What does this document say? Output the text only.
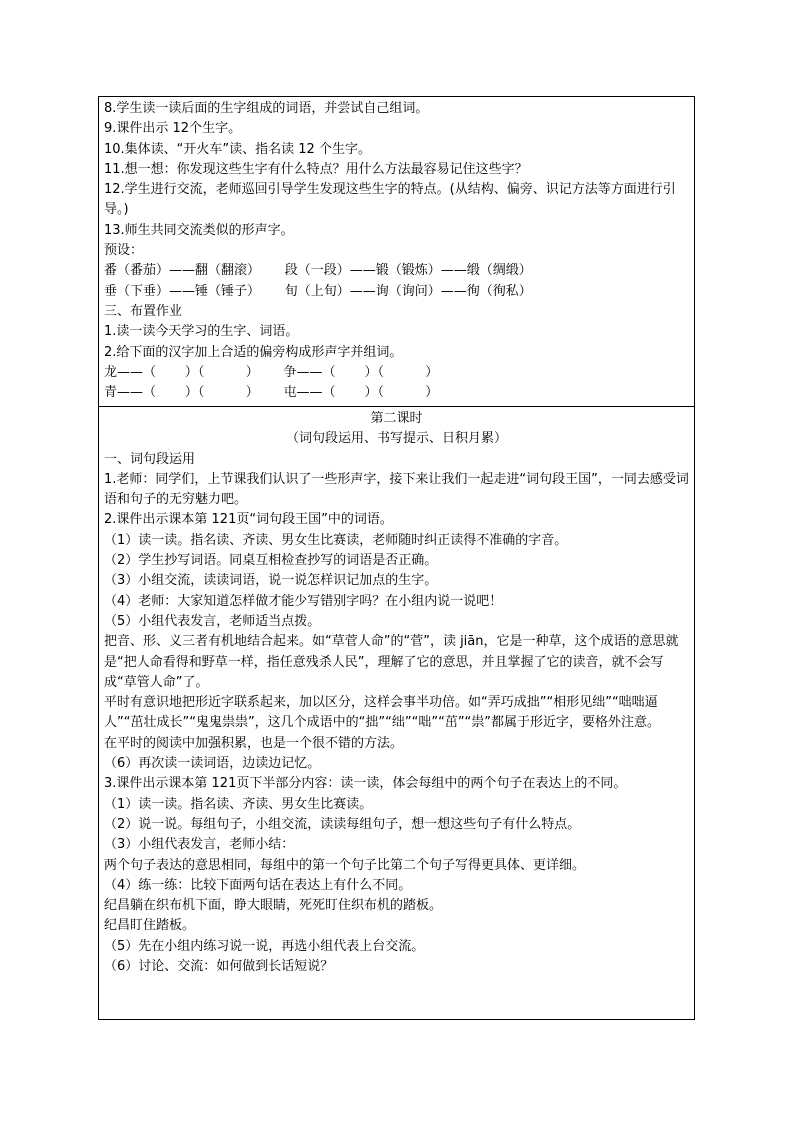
8.学生读一读后面的生字组成的词语，并尝试自己组词。
9.课件出示 12个生字。
10.集体读、“开火车”读、指名读 12 个生字。
11.想一想：你发现这些生字有什么特点？用什么方法最容易记住这些字？
12.学生进行交流，老师巡回引导学生发现这些生字的特点。(从结构、偏旁、识记方法等方面进行引导。)
13.师生共同交流类似的形声字。
预设：
番（番茄）——翻（翻滚）      段（一段）——锻（锻炼）——缎（绸缎）
垂（下垂）——锤（锤子）      旬（上旬）——询（询问）——徇（徇私）
三、布置作业
1.读一读今天学习的生字、词语。
2.给下面的汉字加上合适的偏旁构成形声字并组词。
龙——（       ）（          ）      争——（       ）（          ）
青——（       ）（          ）      屯——（       ）（          ）
第二课时
（词句段运用、书写提示、日积月累）
一、词句段运用
1.老师：同学们，上节课我们认识了一些形声字，接下来让我们一起走进“词句段王国”，一同去感受词语和句子的无穷魅力吧。
2.课件出示课本第 121页“词句段王国”中的词语。
（1）读一读。指名读、齐读、男女生比赛读，老师随时纠正读得不准确的字音。
（2）学生抄写词语。同桌互相检查抄写的词语是否正确。
（3）小组交流，读读词语，说一说怎样识记加点的生字。
（4）老师：大家知道怎样做才能少写错别字吗？在小组内说一说吧！
（5）小组代表发言，老师适当点拨。
把音、形、义三者有机地结合起来。如“草菅人命”的“菅”，读 jiān，它是一种草，这个成语的意思就是“把人命看得和野草一样，指任意残杀人民”，理解了它的意思，并且掌握了它的读音，就不会写成“草管人命”了。
平时有意识地把形近字联系起来，加以区分，这样会事半功倍。如“弄巧成拙”“相形见绌”“咄咄逼人”“茁壮成长”“鬼鬼祟祟”，这几个成语中的“拙”“绌”“咄”“茁”“祟”都属于形近字，要格外注意。
在平时的阅读中加强积累，也是一个很不错的方法。
（6）再次读一读词语，边读边记忆。
3.课件出示课本第 121页下半部分内容：读一读，体会每组中的两个句子在表达上的不同。
（1）读一读。指名读、齐读、男女生比赛读。
（2）说一说。每组句子，小组交流，读读每组句子，想一想这些句子有什么特点。
（3）小组代表发言，老师小结：
两个句子表达的意思相同，每组中的第一个句子比第二个句子写得更具体、更详细。
（4）练一练：比较下面两句话在表达上有什么不同。
纪昌躺在织布机下面，睁大眼睛，死死盯住织布机的踏板。
纪昌盯住踏板。
（5）先在小组内练习说一说，再选小组代表上台交流。
（6）讨论、交流：如何做到长话短说？
